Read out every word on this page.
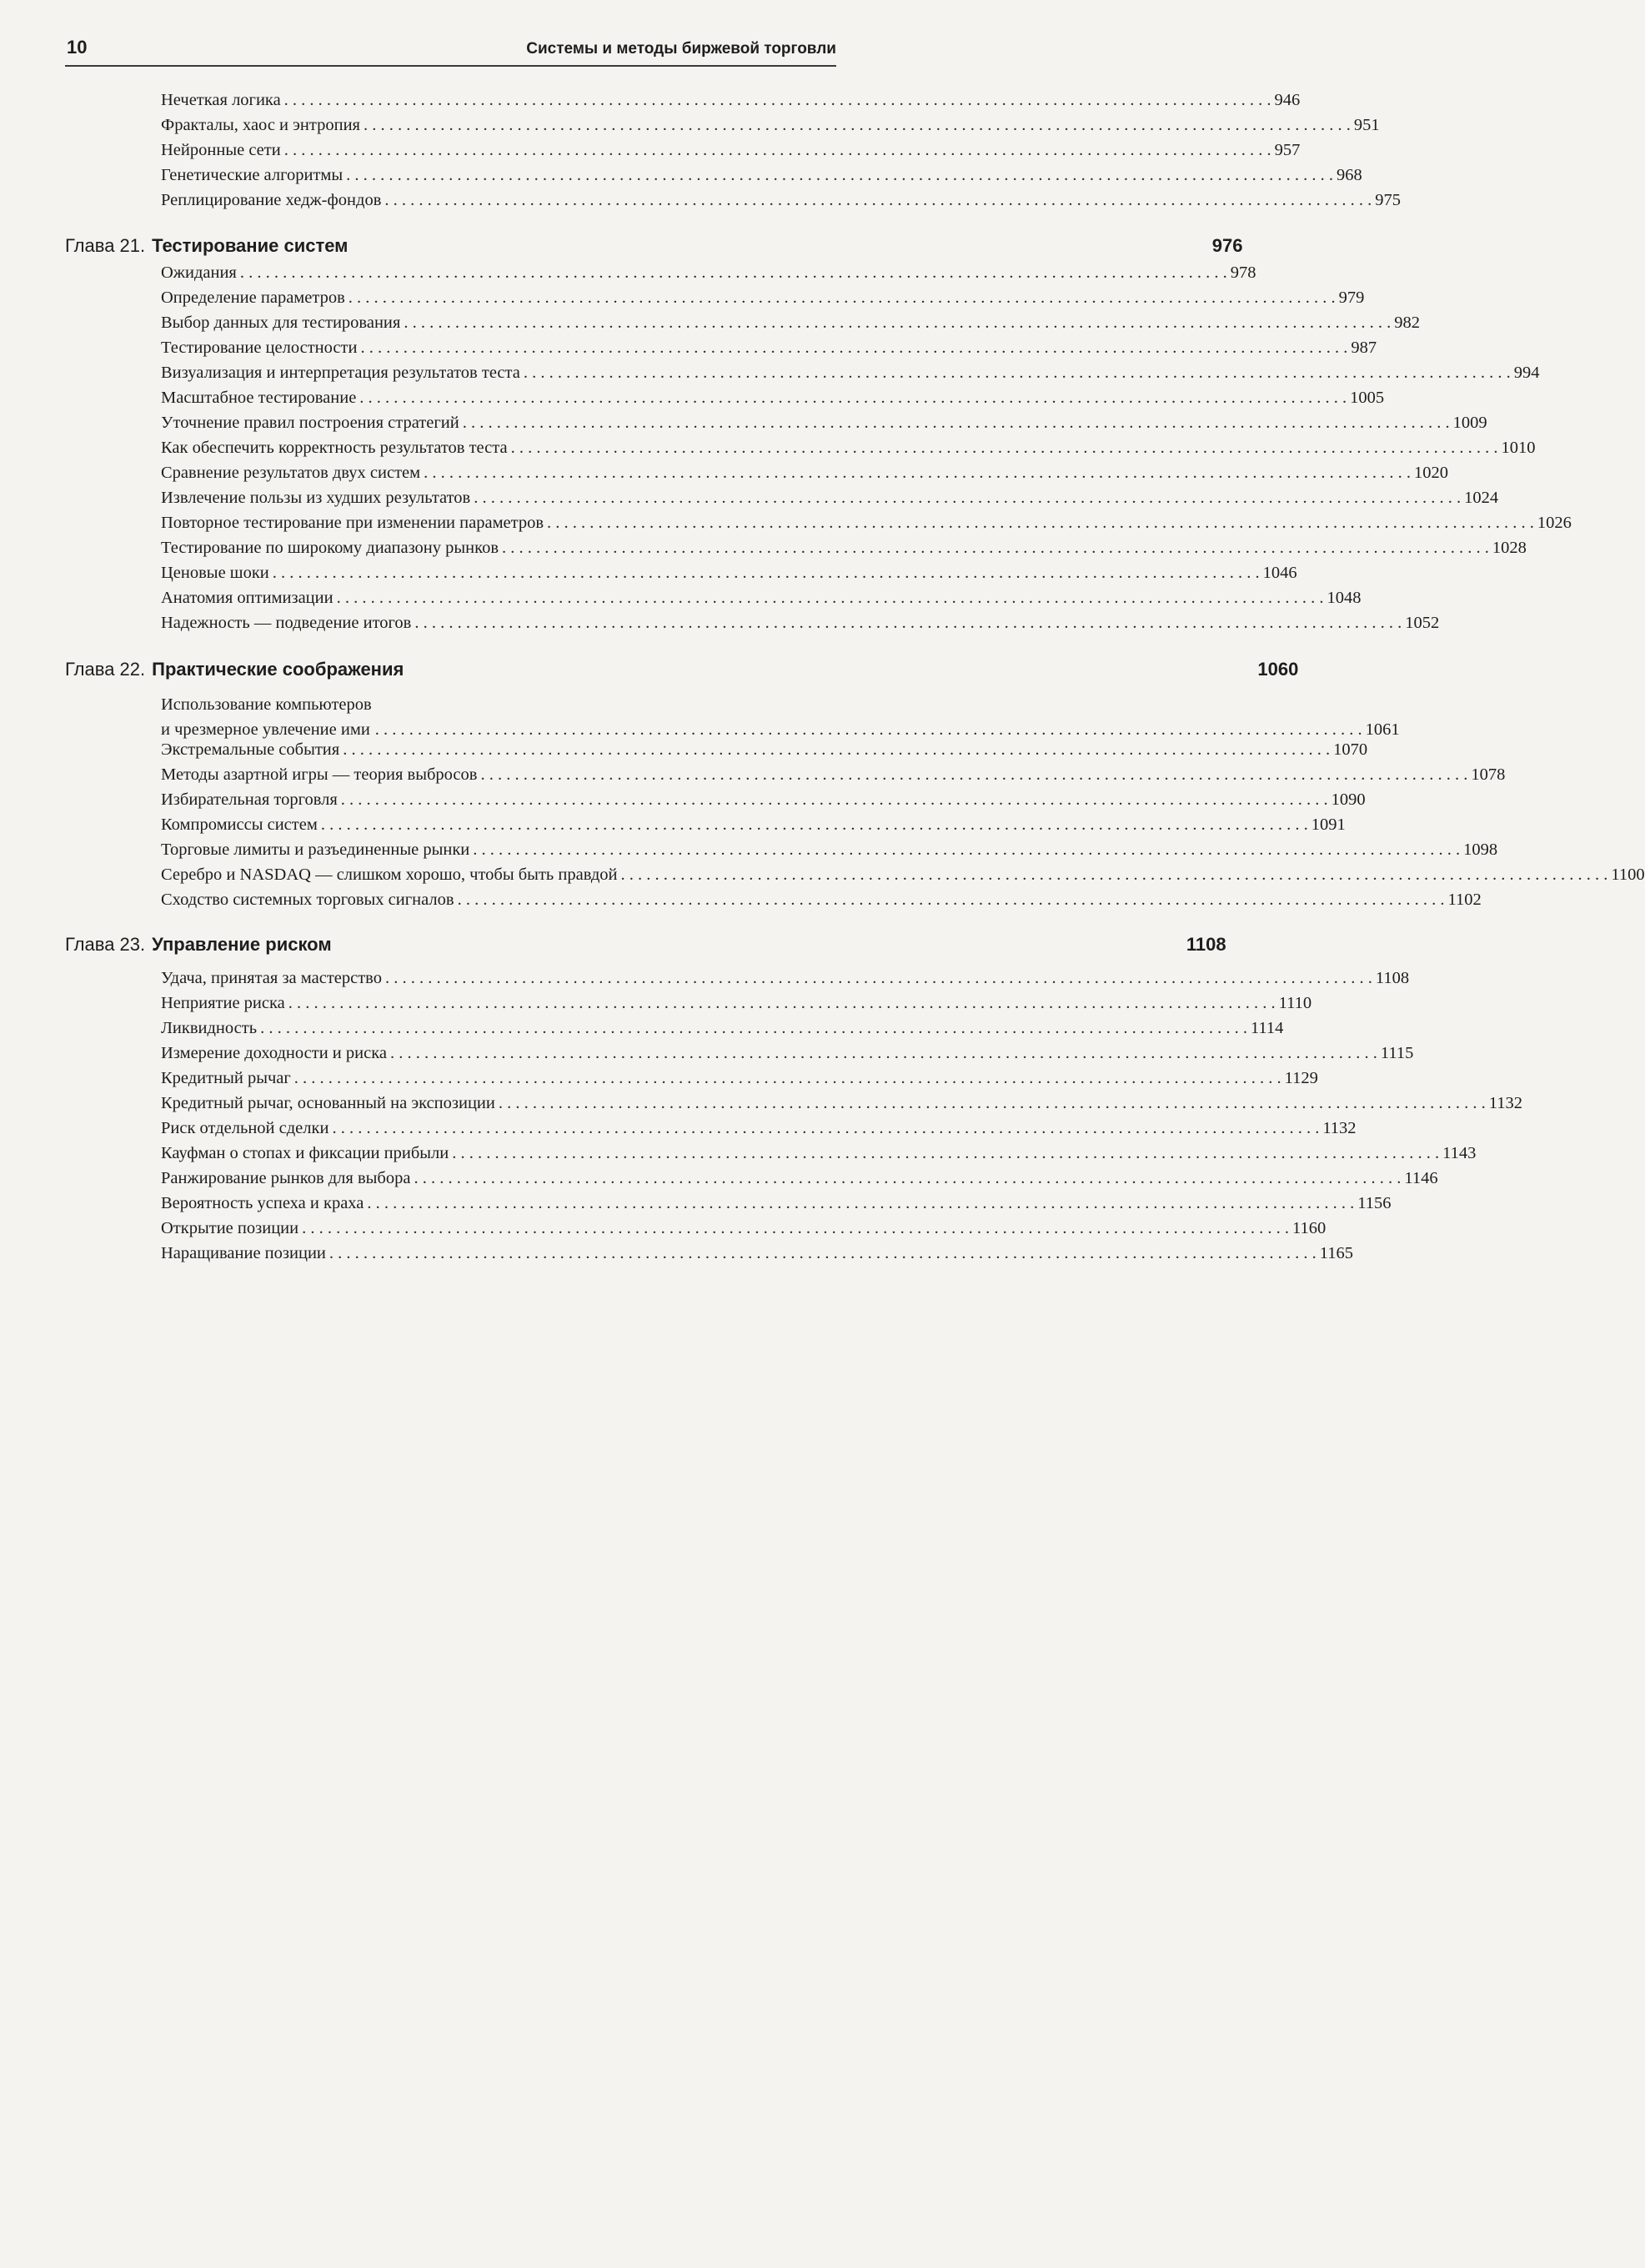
10	Системы и методы биржевой торговли
Нечеткая логика . . .	946
Фракталы, хаос и энтропия . . .	951
Нейронные сети . . .	957
Генетические алгоритмы . . .	968
Реплицирование хедж-фондов . . .	975
Глава 21. Тестирование систем	976
Ожидания . . .	978
Определение параметров . . .	979
Выбор данных для тестирования . . .	982
Тестирование целостности . . .	987
Визуализация и интерпретация результатов теста . . .	994
Масштабное тестирование . . .	1005
Уточнение правил построения стратегий . . .	1009
Как обеспечить корректность результатов теста . . .	1010
Сравнение результатов двух систем . . .	1020
Извлечение пользы из худших результатов . . .	1024
Повторное тестирование при изменении параметров . . .	1026
Тестирование по широкому диапазону рынков . . .	1028
Ценовые шоки . . .	1046
Анатомия оптимизации . . .	1048
Надежность — подведение итогов . . .	1052
Глава 22. Практические соображения	1060
Использование компьютеров
и чрезмерное увлечение ими . . .	1061
Экстремальные события . . .	1070
Методы азартной игры — теория выбросов . . .	1078
Избирательная торговля . . .	1090
Компромиссы систем . . .	1091
Торговые лимиты и разъединенные рынки . . .	1098
Серебро и NASDAQ — слишком хорошо, чтобы быть правдой . . .	1100
Сходство системных торговых сигналов . . .	1102
Глава 23. Управление риском	1108
Удача, принятая за мастерство . . .	1108
Неприятие риска . . .	1110
Ликвидность . . .	1114
Измерение доходности и риска . . .	1115
Кредитный рычаг . . .	1129
Кредитный рычаг, основанный на экспозиции . . .	1132
Риск отдельной сделки . . .	1132
Кауфман о стопах и фиксации прибыли . . .	1143
Ранжирование рынков для выбора . . .	1146
Вероятность успеха и краха . . .	1156
Открытие позиции . . .	1160
Наращивание позиции . . .	1165
